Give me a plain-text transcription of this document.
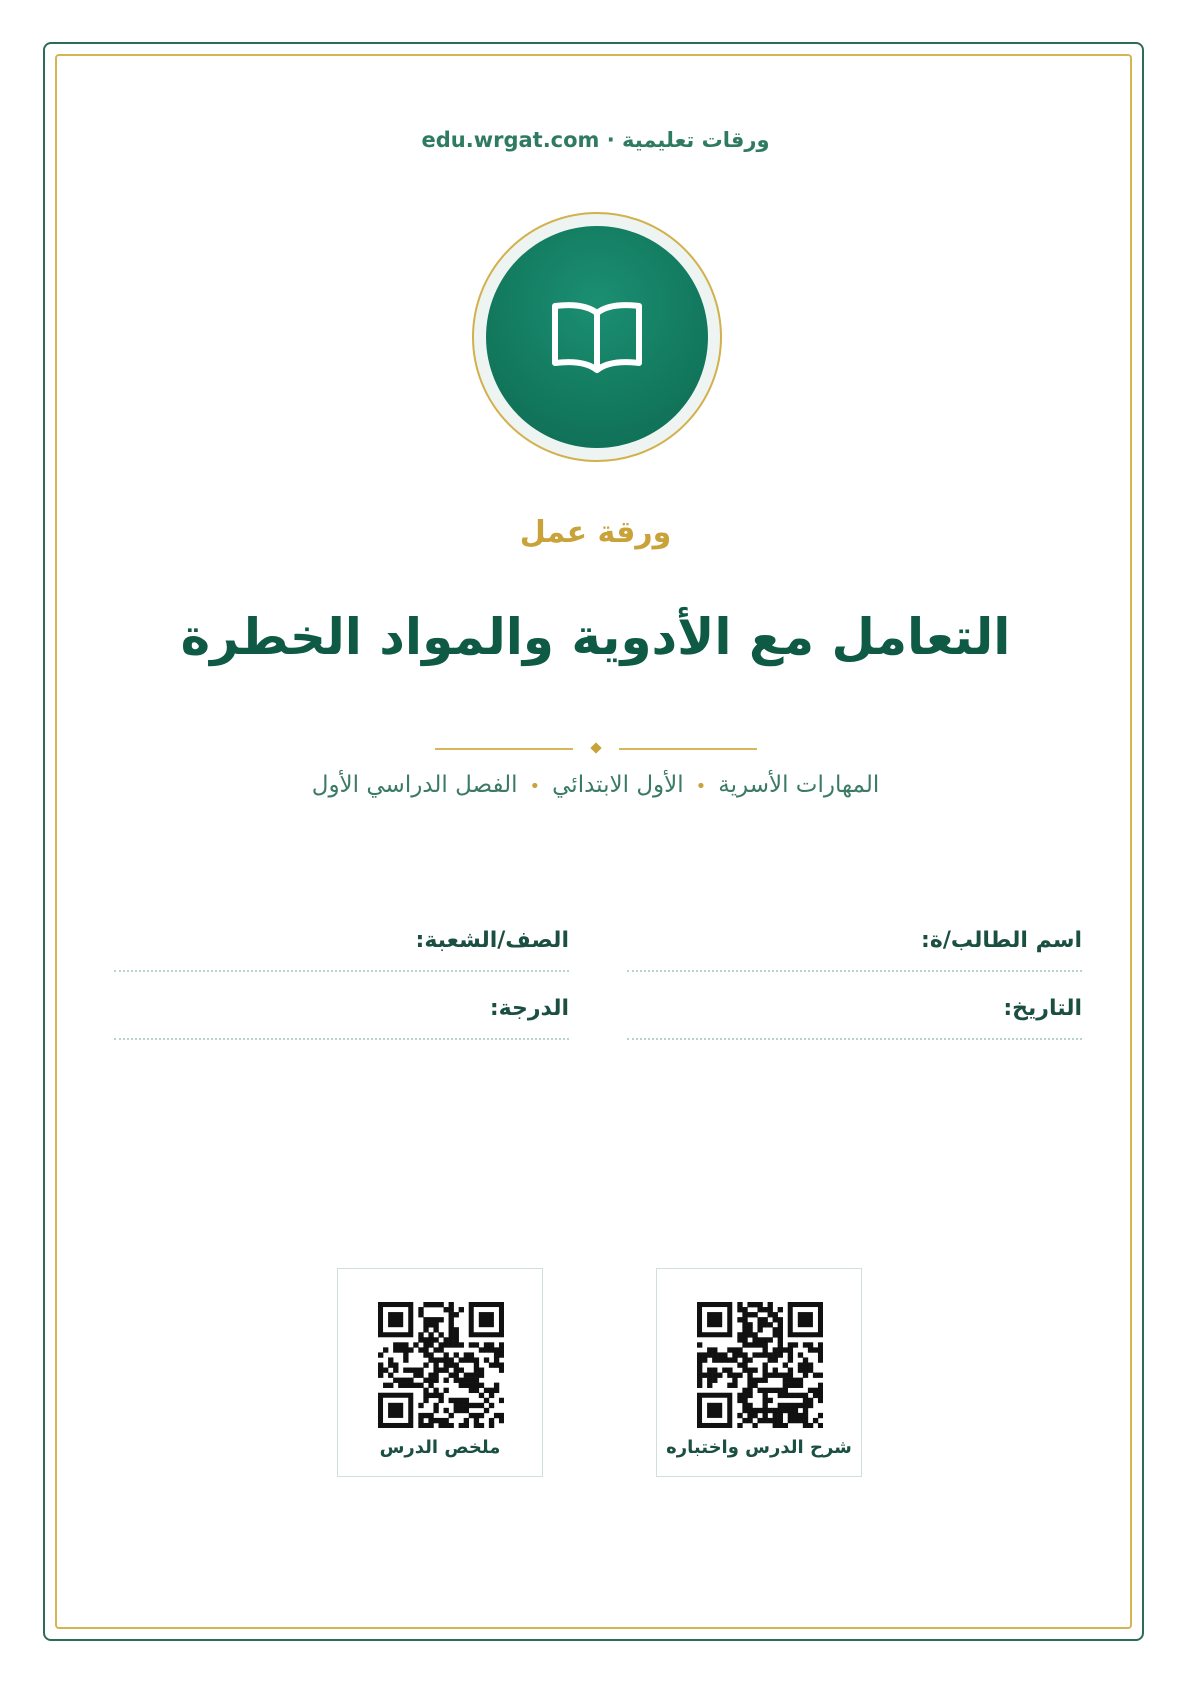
ورقات تعليمية · edu.wrgat.com
ورقة عمل
التعامل مع الأدوية والمواد الخطرة
المهارات الأسرية•الأول الابتدائي•الفصل الدراسي الأول
اسم الطالب/ة:
الصف/الشعبة:
التاريخ:
الدرجة:
شرح الدرس واختباره
ملخص الدرس
